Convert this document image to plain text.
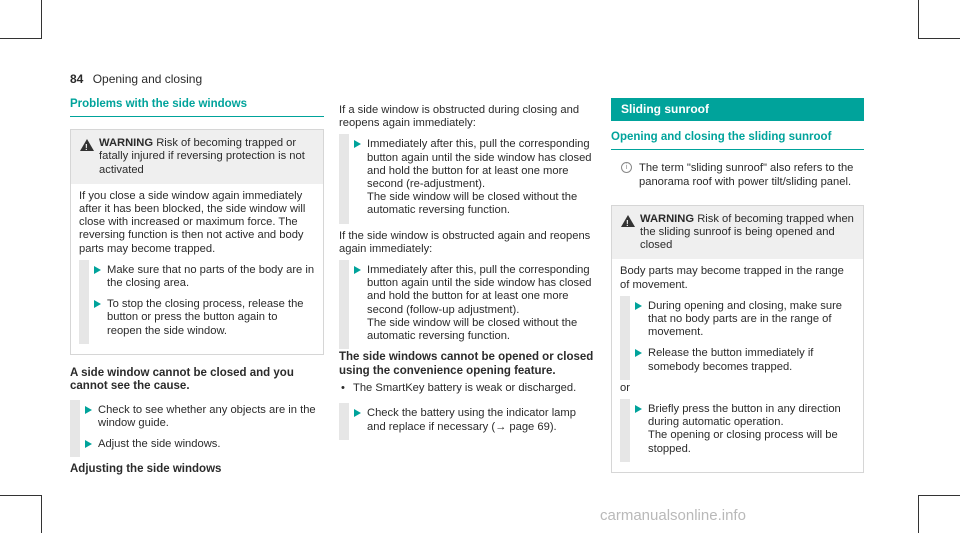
84 Opening and closing
Problems with the side windows
!
WARNING Risk of becoming trapped or fatally injured if reversing protection is not activated

If you close a side window again immediately after it has been blocked, the side window will close with increased or maximum force. The reversing function is then not active and body parts may become trapped.

Make sure that no parts of the body are in the closing area.
To stop the closing process, release the button or press the button again to reopen the side window.
A side window cannot be closed and you cannot see the cause.
Check to see whether any objects are in the window guide.
Adjust the side windows.
Adjusting the side windows

If a side window is obstructed during closing and reopens again immediately:

Immediately after this, pull the corresponding button again until the side window has closed and hold the button for at least one more second (re-adjustment).
The side window will be closed without the automatic reversing function.

If the side window is obstructed again and reopens again immediately:

Immediately after this, pull the corresponding button again until the side window has closed and hold the button for at least one more second (follow-up adjustment).
The side window will be closed without the automatic reversing function.
The side windows cannot be opened or closed using the convenience opening feature.
• The SmartKey battery is weak or discharged.
Check the battery using the indicator lamp and replace if necessary (→ page 69).
Sliding sunroof
Opening and closing the sliding sunroof
i	The term "sliding sunroof" also refers to the panorama roof with power tilt/sliding panel.
!
WARNING Risk of becoming trapped when the sliding sunroof is being opened and closed

Body parts may become trapped in the range of movement.

During opening and closing, make sure that no body parts are in the range of movement.
Release the button immediately if somebody becomes trapped.

or

Briefly press the button in any direction during automatic operation.
The opening or closing process will be stopped.
carmanualsonline.info
